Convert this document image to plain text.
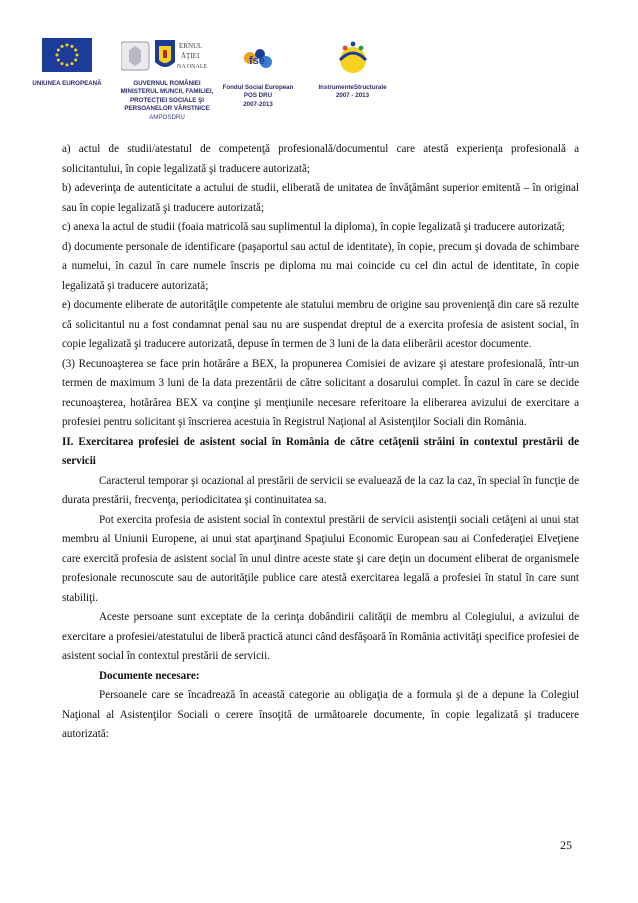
UNIUNEA EUROPEANĂ
ERNUL
ĂŢIEI
NA ONALE
GUVERNUL ROMÂNIEI
MINISTERUL MUNCII, FAMILIEI,
PROTECŢIEI SOCIALE ŞI
PERSOANELOR VÂRSTNICE
AMPOSDRU
fse
Fondul Social European
POS DRU
2007-2013
InstrumenteStructurale
2007 - 2013

a) actul de studii/atestatul de competenţă profesională/documentul care atestă experienţa profesională a solicitantului, în copie legalizată şi traducere autorizată;

b) adeverinţa de autenticitate a actului de studii, eliberată de unitatea de învăţământ superior emitentă – în original sau în copie legalizată şi traducere autorizată;

c) anexa la actul de studii (foaia matricolă sau suplimentul la diploma), în copie legalizată şi traducere autorizată;

d) documente personale de identificare (paşaportul sau actul de identitate), în copie, precum şi dovada de schimbare a numelui, în cazul în care numele înscris pe diploma nu mai coincide cu cel din actul de identitate, în copie legalizată şi traducere autorizată;

e) documente eliberate de autorităţile competente ale statului membru de origine sau provenienţă din care să rezulte că solicitantul nu a fost condamnat penal sau nu are suspendat dreptul de a exercita profesia de asistent social, în copie legalizată şi traducere autorizată, depuse în termen de 3 luni de la data eliberării acestor documente.

(3) Recunoaşterea se face prin hotărâre a BEX, la propunerea Comisiei de avizare şi atestare profesională, într-un termen de maximum 3 luni de la data prezentării de către solicitant a dosarului complet. În cazul în care se decide recunoaşterea, hotărârea BEX va conţine şi menţiunile necesare referitoare la eliberarea avizului de exercitare a profesiei pentru solicitant şi înscrierea acestuia în Registrul Naţional al Asistenţilor Sociali din România.

II. Exercitarea profesiei de asistent social în România de către cetăţenii străini în contextul prestării de servicii

Caracterul temporar şi ocazional al prestării de servicii se evaluează de la caz la caz, în special în funcţie de durata prestării, frecvenţa, periodicitatea şi continuitatea sa.

Pot exercita profesia de asistent social în contextul prestării de servicii asistenţii sociali cetăţeni ai unui stat membru al Uniunii Europene, ai unui stat aparţinand Spaţiului Economic European sau ai Confederaţiei Elveţiene care exercită profesia de asistent social în unul dintre aceste state şi care deţin un document eliberat de organismele profesionale recunoscute sau de autorităţile publice care atestă exercitarea legală a profesiei în statul în care sunt stabiliţi.

Aceste persoane sunt exceptate de la cerinţa dobândirii calităţii de membru al Colegiului, a avizului de exercitare a profesiei/atestatului de liberă practică atunci când desfăşoară în România activităţi specifice profesiei de asistent social în contextul prestării de servicii.

Documente necesare:

Persoanele care se încadrează în această categorie au obligaţia de a formula şi de a depune la Colegiul Naţional al Asistenţilor Sociali o cerere însoţită de următoarele documente, în copie legalizată şi traducere autorizată:

25
